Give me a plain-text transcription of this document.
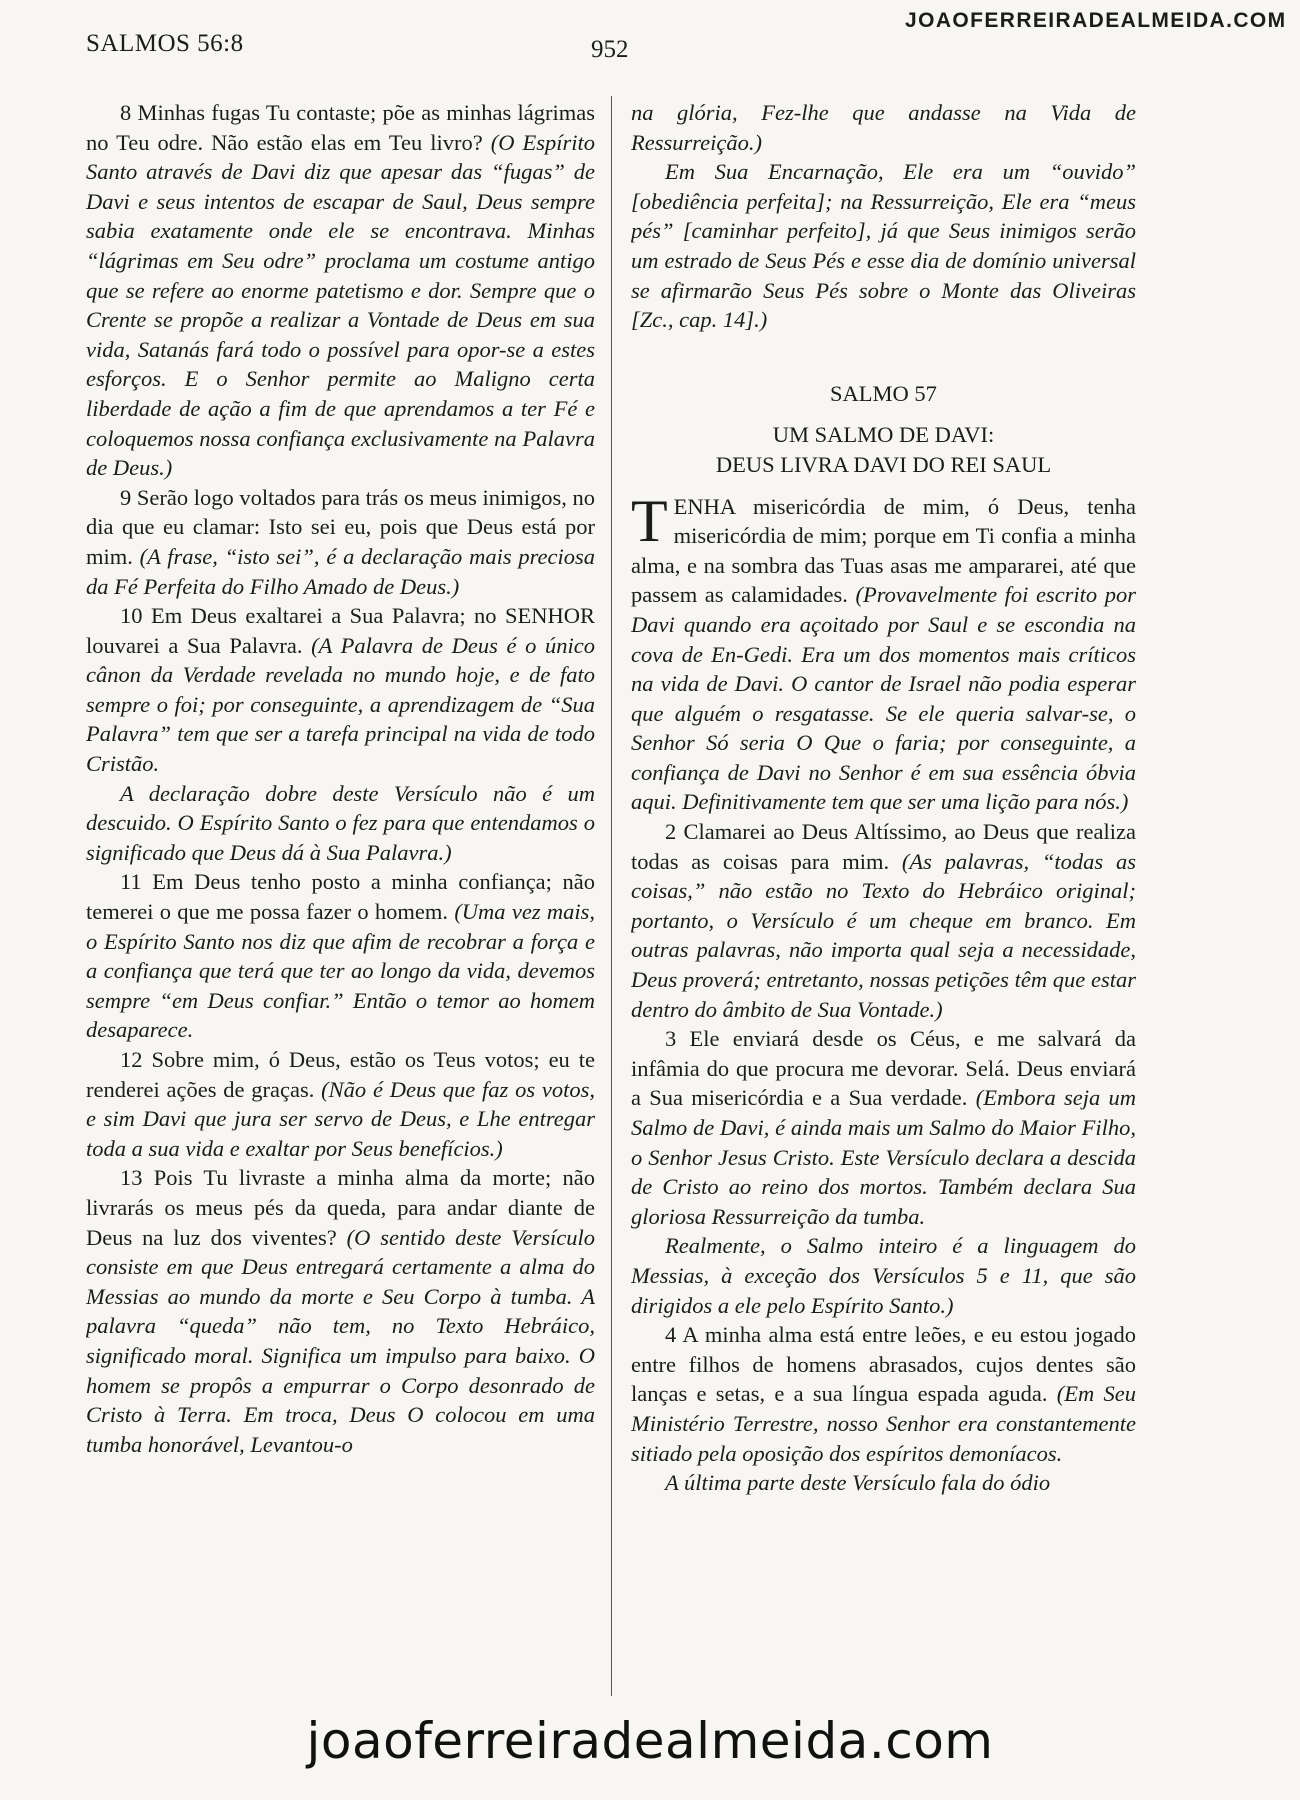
SALMOS 56:8	952
JOAOFERREIRADEALMEIDA.COM

8 Minhas fugas Tu contaste; põe as minhas lágrimas no Teu odre. Não estão elas em Teu livro? (O Espírito Santo através de Davi diz que apesar das “fugas” de Davi e seus intentos de escapar de Saul, Deus sempre sabia exatamente onde ele se encontrava. Minhas “lágrimas em Seu odre” proclama um costume antigo que se refere ao enorme patetismo e dor. Sempre que o Crente se propõe a realizar a Vontade de Deus em sua vida, Satanás fará todo o possível para opor-se a estes esforços. E o Senhor permite ao Maligno certa liberdade de ação a fim de que aprendamos a ter Fé e coloquemos nossa confiança exclusivamente na Palavra de Deus.)

9 Serão logo voltados para trás os meus inimigos, no dia que eu clamar: Isto sei eu, pois que Deus está por mim. (A frase, “isto sei”, é a declaração mais preciosa da Fé Perfeita do Filho Amado de Deus.)

10 Em Deus exaltarei a Sua Palavra; no SENHOR louvarei a Sua Palavra. (A Palavra de Deus é o único cânon da Verdade revelada no mundo hoje, e de fato sempre o foi; por conseguinte, a aprendizagem de “Sua Palavra” tem que ser a tarefa principal na vida de todo Cristão.

A declaração dobre deste Versículo não é um descuido. O Espírito Santo o fez para que entendamos o significado que Deus dá à Sua Palavra.)

11 Em Deus tenho posto a minha confiança; não temerei o que me possa fazer o homem. (Uma vez mais, o Espírito Santo nos diz que afim de recobrar a força e a confiança que terá que ter ao longo da vida, devemos sempre “em Deus confiar.” Então o temor ao homem desaparece.

12 Sobre mim, ó Deus, estão os Teus votos; eu te renderei ações de graças. (Não é Deus que faz os votos, e sim Davi que jura ser servo de Deus, e Lhe entregar toda a sua vida e exaltar por Seus benefícios.)

13 Pois Tu livraste a minha alma da morte; não livrarás os meus pés da queda, para andar diante de Deus na luz dos viventes? (O sentido deste Versículo consiste em que Deus entregará certamente a alma do Messias ao mundo da morte e Seu Corpo à tumba. A palavra “queda” não tem, no Texto Hebráico, significado moral. Significa um impulso para baixo. O homem se propôs a empurrar o Corpo desonrado de Cristo à Terra. Em troca, Deus O colocou em uma tumba honorável, Levantou-o

na glória, Fez-lhe que andasse na Vida de Ressurreição.)

Em Sua Encarnação, Ele era um “ouvido” [obediência perfeita]; na Ressurreição, Ele era “meus pés” [caminhar perfeito], já que Seus inimigos serão um estrado de Seus Pés e esse dia de domínio universal se afirmarão Seus Pés sobre o Monte das Oliveiras [Zc., cap. 14].)

SALMO 57
UM SALMO DE DAVI:
DEUS LIVRA DAVI DO REI SAUL

TENHA misericórdia de mim, ó Deus, tenha misericórdia de mim; porque em Ti confia a minha alma, e na sombra das Tuas asas me ampararei, até que passem as calamidades. (Provavelmente foi escrito por Davi quando era açoitado por Saul e se escondia na cova de En-Gedi. Era um dos momentos mais críticos na vida de Davi. O cantor de Israel não podia esperar que alguém o resgatasse. Se ele queria salvar-se, o Senhor Só seria O Que o faria; por conseguinte, a confiança de Davi no Senhor é em sua essência óbvia aqui. Definitivamente tem que ser uma lição para nós.)

2 Clamarei ao Deus Altíssimo, ao Deus que realiza todas as coisas para mim. (As palavras, “todas as coisas,” não estão no Texto do Hebráico original; portanto, o Versículo é um cheque em branco. Em outras palavras, não importa qual seja a necessidade, Deus proverá; entretanto, nossas petições têm que estar dentro do âmbito de Sua Vontade.)

3 Ele enviará desde os Céus, e me salvará da infâmia do que procura me devorar. Selá. Deus enviará a Sua misericórdia e a Sua verdade. (Embora seja um Salmo de Davi, é ainda mais um Salmo do Maior Filho, o Senhor Jesus Cristo. Este Versículo declara a descida de Cristo ao reino dos mortos. Também declara Sua gloriosa Ressurreição da tumba.

Realmente, o Salmo inteiro é a linguagem do Messias, à exceção dos Versículos 5 e 11, que são dirigidos a ele pelo Espírito Santo.)

4 A minha alma está entre leões, e eu estou jogado entre filhos de homens abrasados, cujos dentes são lanças e setas, e a sua língua espada aguda. (Em Seu Ministério Terrestre, nosso Senhor era constantemente sitiado pela oposição dos espíritos demoníacos.

A última parte deste Versículo fala do ódio

joaoferreiradealmeida.com
